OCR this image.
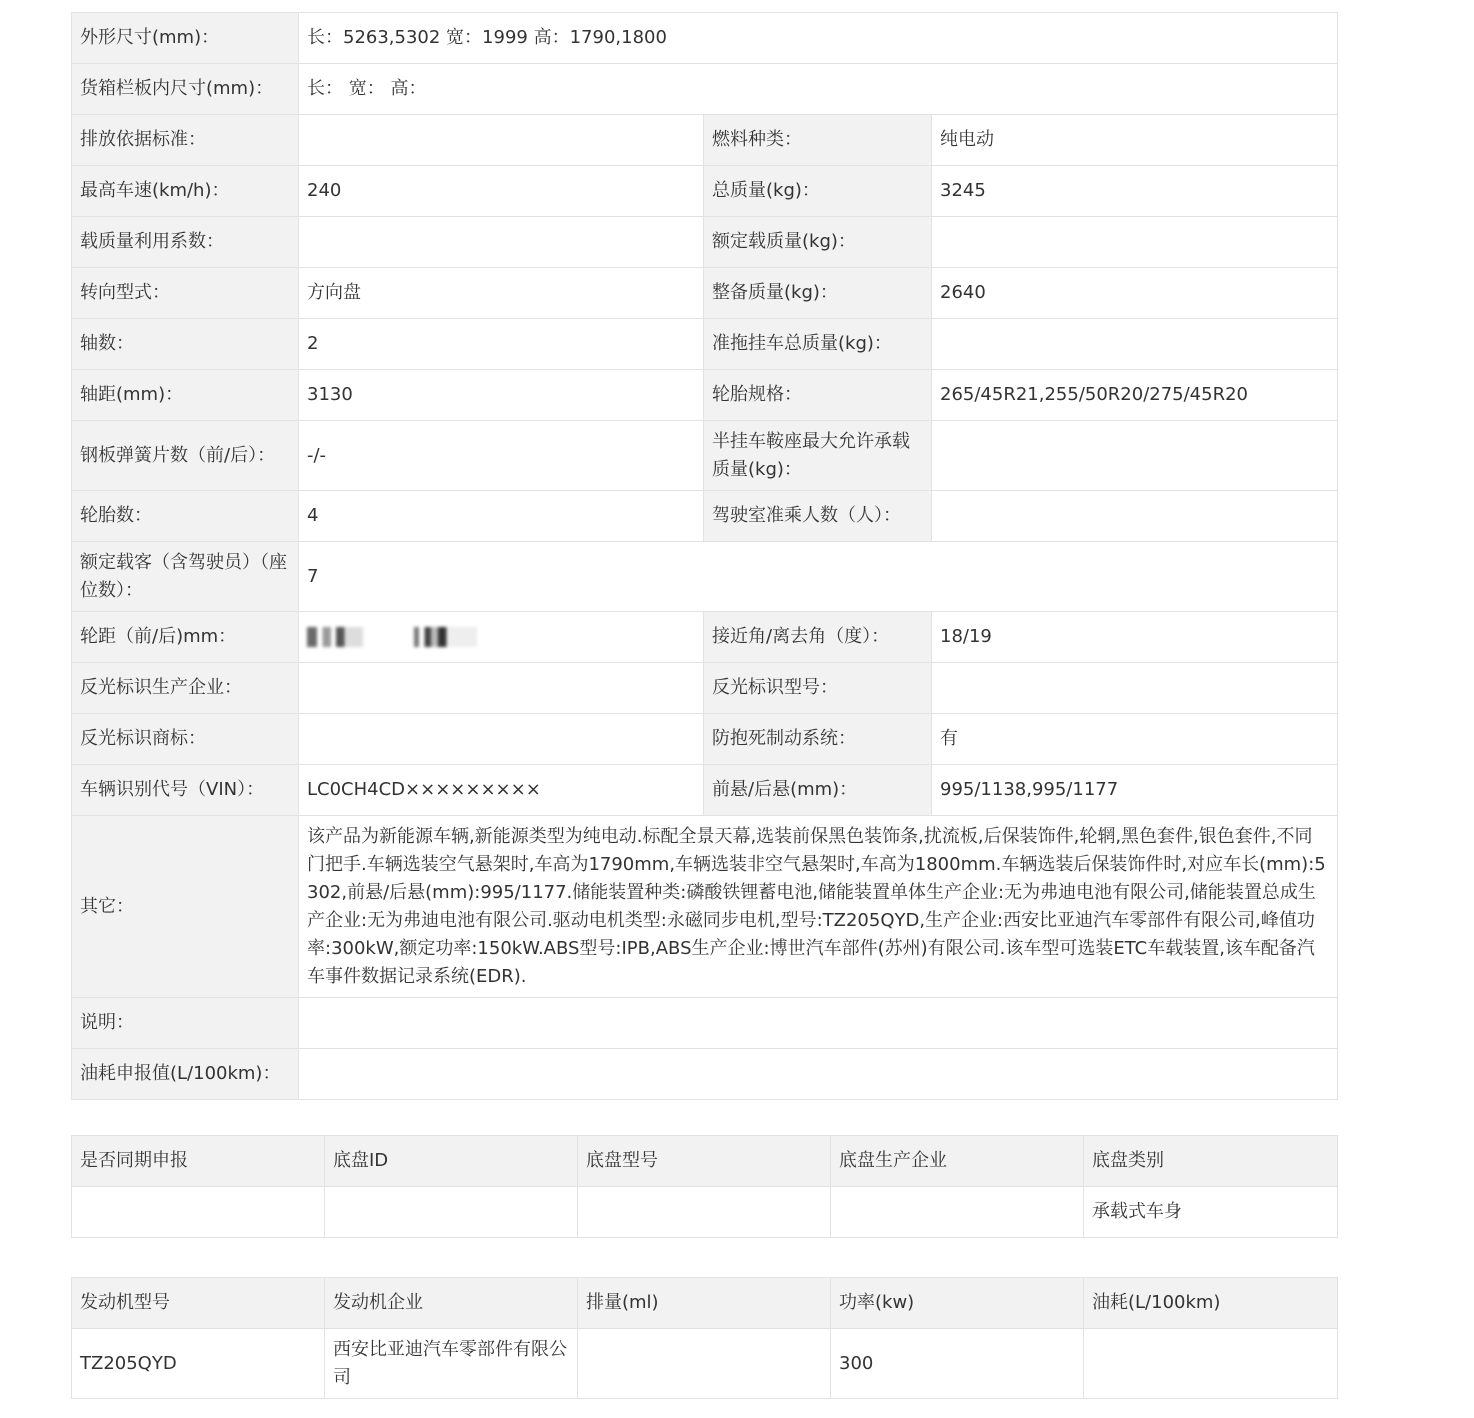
外形尺寸(mm)：	长：5263,5302 宽：1999 高：1790,1800		
货箱栏板内尺寸(mm)：	长： 宽： 高：		
排放依据标准：		燃料种类：	纯电动
最高车速(km/h)：	240	总质量(kg)：	3245
载质量利用系数：		额定载质量(kg)：	
转向型式：	方向盘	整备质量(kg)：	2640
轴数：	2	准拖挂车总质量(kg)：	
轴距(mm)：	3130	轮胎规格：	265/45R21,255/50R20/275/45R20
钢板弹簧片数（前/后）：	-/-	半挂车鞍座最大允许承载质量(kg)：	
轮胎数：	4	驾驶室准乘人数（人）：	
额定载客（含驾驶员）（座位数）：	7		
轮距（前/后)mm：		接近角/离去角（度）：	18/19
反光标识生产企业：		反光标识型号：	
反光标识商标：		防抱死制动系统：	有
车辆识别代号（VIN）：	LC0CH4CD×××××××××	前悬/后悬(mm)：	995/1138,995/1177
其它：	该产品为新能源车辆,新能源类型为纯电动.标配全景天幕,选装前保黑色装饰条,扰流板,后保装饰件,轮辋,黑色套件,银色套件,不同门把手.车辆选装空气悬架时,车高为1790mm,车辆选装非空气悬架时,车高为1800mm.车辆选装后保装饰件时,对应车长(mm):5302,前悬/后悬(mm):995/1177.储能装置种类:磷酸铁锂蓄电池,储能装置单体生产企业:无为弗迪电池有限公司,储能装置总成生产企业:无为弗迪电池有限公司.驱动电机类型:永磁同步电机,型号:TZ205QYD,生产企业:西安比亚迪汽车零部件有限公司,峰值功率:300kW,额定功率:150kW.ABS型号:IPB,ABS生产企业:博世汽车部件(苏州)有限公司.该车型可选装ETC车载装置,该车配备汽车事件数据记录系统(EDR).		
说明：			
油耗申报值(L/100km)：			
是否同期申报	底盘ID	底盘型号	底盘生产企业	底盘类别
				承载式车身
发动机型号	发动机企业	排量(ml)	功率(kw)	油耗(L/100km)
TZ205QYD	西安比亚迪汽车零部件有限公司		300	
